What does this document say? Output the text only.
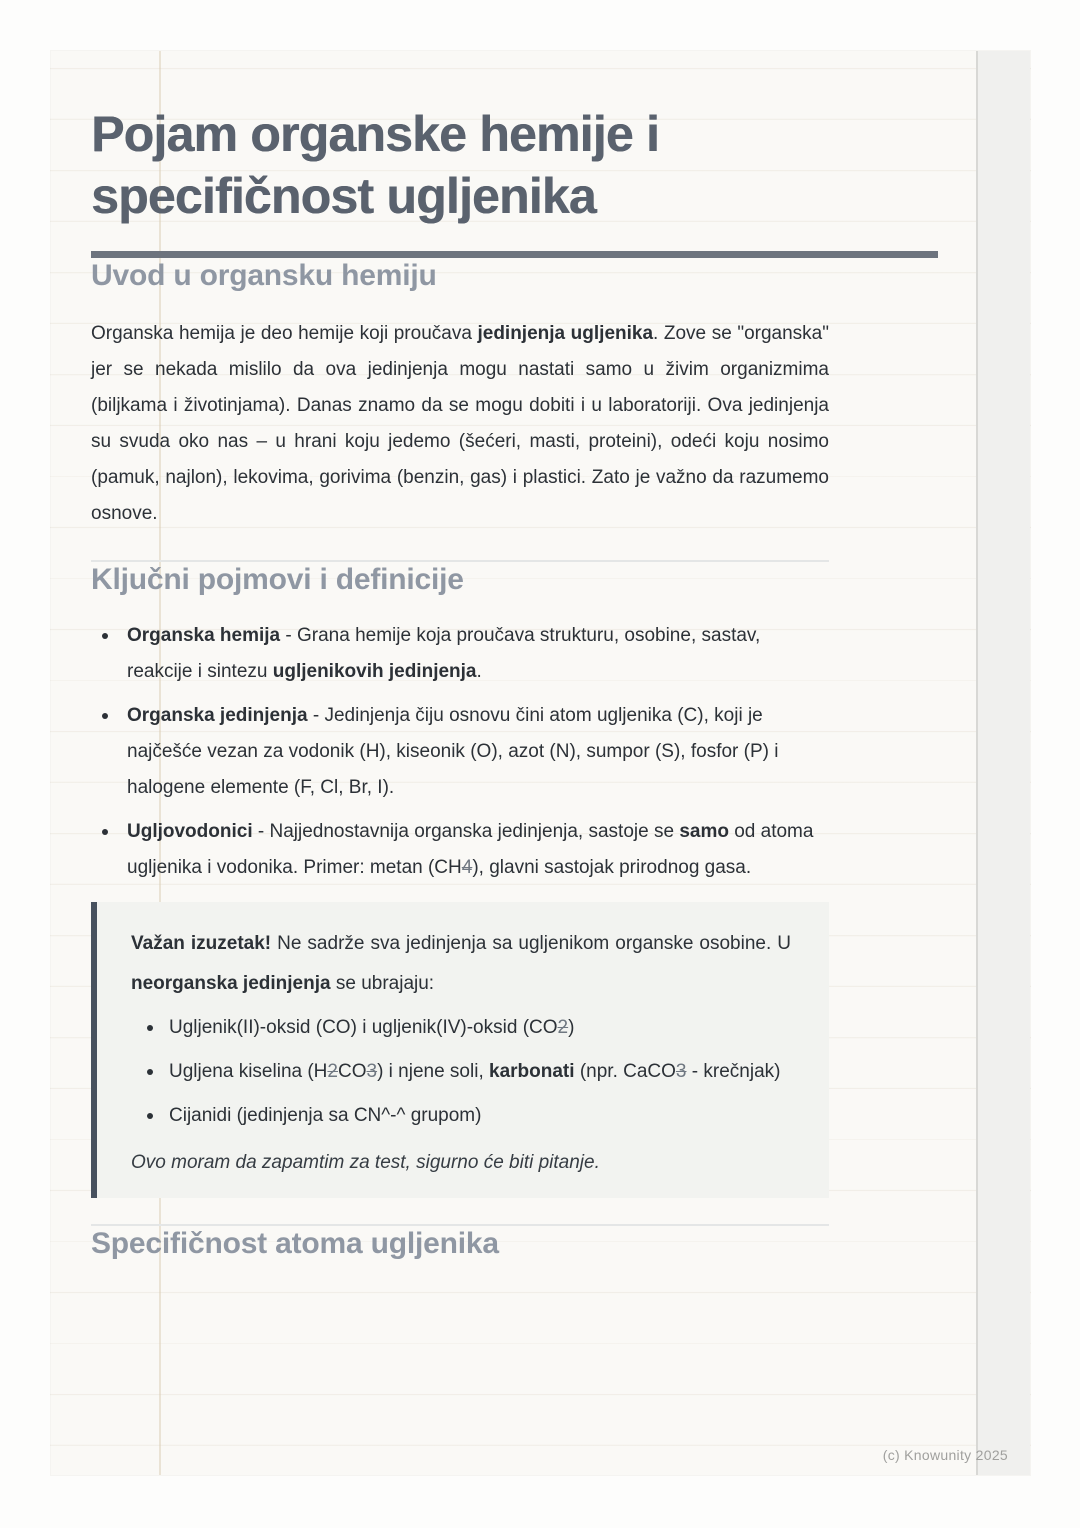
Pojam organske hemije i specifičnost ugljenika
Uvod u organsku hemiju

Organska hemija je deo hemije koji proučava jedinjenja ugljenika. Zove se "organska" jer se nekada mislilo da ova jedinjenja mogu nastati samo u živim organizmima (biljkama i životinjama). Danas znamo da se mogu dobiti i u laboratoriji. Ova jedinjenja su svuda oko nas – u hrani koju jedemo (šećeri, masti, proteini), odeći koju nosimo (pamuk, najlon), lekovima, gorivima (benzin, gas) i plastici. Zato je važno da razumemo osnove.

Ključni pojmovi i definicije
Organska hemija - Grana hemije koja proučava strukturu, osobine, sastav, reakcije i sintezu ugljenikovih jedinjenja.
Organska jedinjenja - Jedinjenja čiju osnovu čini atom ugljenika (C), koji je najčešće vezan za vodonik (H), kiseonik (O), azot (N), sumpor (S), fosfor (P) i halogene elemente (F, Cl, Br, I).
Ugljovodonici - Najjednostavnija organska jedinjenja, sastoje se samo od atoma ugljenika i vodonika. Primer: metan (CH4), glavni sastojak prirodnog gasa.

Važan izuzetak! Ne sadrže sva jedinjenja sa ugljenikom organske osobine. U neorganska jedinjenja se ubrajaju:

Ugljenik(II)-oksid (CO) i ugljenik(IV)-oksid (CO2)
Ugljena kiselina (H2CO3) i njene soli, karbonati (npr. CaCO3 - krečnjak)
Cijanidi (jedinjenja sa CN^-^ grupom)

Ovo moram da zapamtim za test, sigurno će biti pitanje.

Specifičnost atoma ugljenika
(c) Knowunity 2025
